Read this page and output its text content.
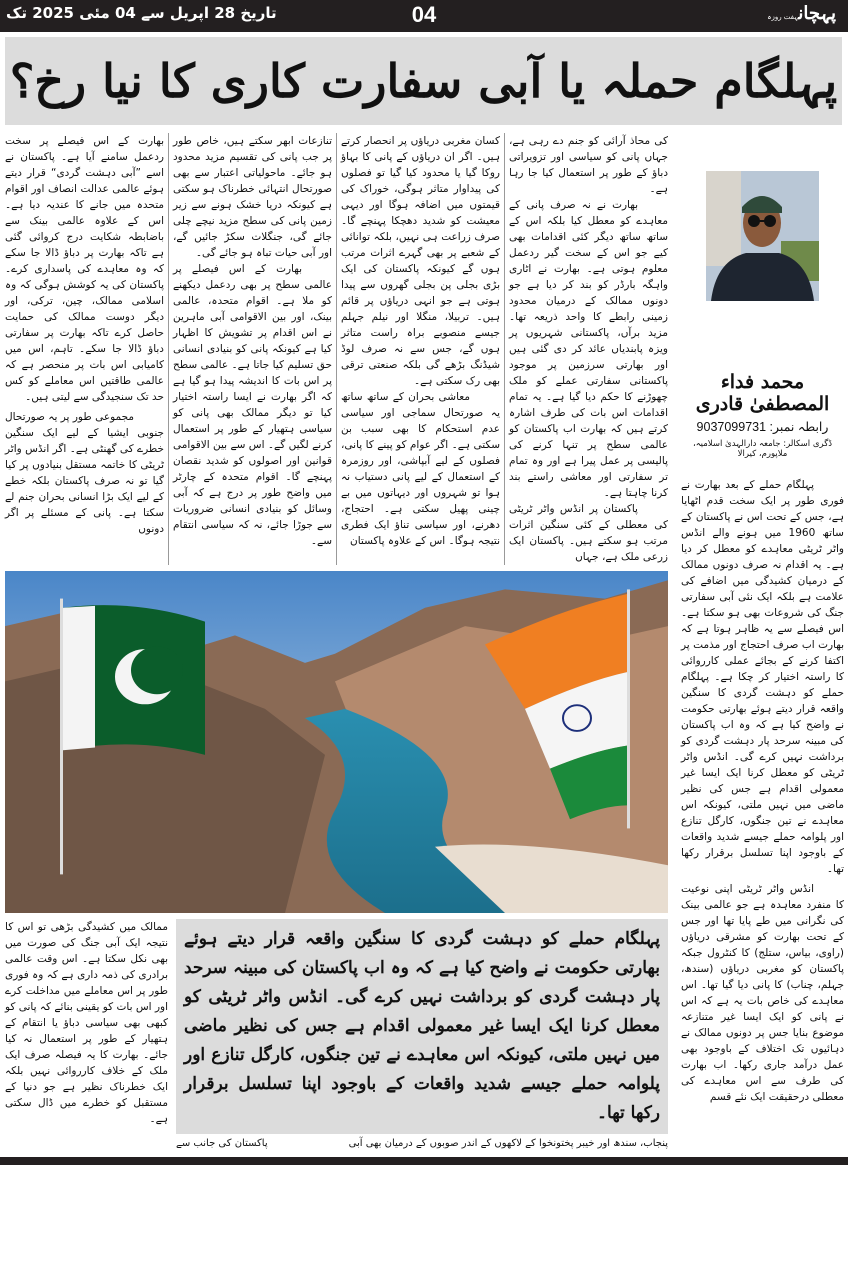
تاریخ 28 اپریل سے 04 مئی 2025 تک	04	پہچانہفت روزہ
پہلگام حملہ یا آبی سفارت کاری کا نیا رخ؟

بھارت کے اس فیصلے پر سخت ردعمل سامنے آیا ہے۔ پاکستان نے اسے ”آبی دہشت گردی“ قرار دیتے ہوئے عالمی عدالت انصاف اور اقوام متحدہ میں جانے کا عندیہ دیا ہے۔ اس کے علاوہ عالمی بینک سے باضابطہ شکایت درج کروائی گئی ہے تاکہ بھارت پر دباؤ ڈالا جا سکے کہ وہ معاہدے کی پاسداری کرے۔ پاکستان کی یہ کوشش ہوگی کہ وہ اسلامی ممالک، چین، ترکی، اور دیگر دوست ممالک کی حمایت حاصل کرے تاکہ بھارت پر سفارتی دباؤ ڈالا جا سکے۔ تاہم، اس میں کامیابی اس بات پر منحصر ہے کہ عالمی طاقتیں اس معاملے کو کس حد تک سنجیدگی سے لیتی ہیں۔

مجموعی طور پر یہ صورتحال جنوبی ایشیا کے لیے ایک سنگین خطرے کی گھنٹی ہے۔ اگر انڈس واٹر ٹریٹی کا خاتمہ مستقل بنیادوں پر کیا گیا تو نہ صرف پاکستان بلکہ خطے کے لیے ایک بڑا انسانی بحران جنم لے سکتا ہے۔ پانی کے مسئلے پر اگر دونوں

تنازعات ابھر سکتے ہیں، خاص طور پر جب پانی کی تقسیم مزید محدود ہو جائے۔ ماحولیاتی اعتبار سے بھی صورتحال انتہائی خطرناک ہو سکتی ہے کیونکہ دریا خشک ہونے سے زیر زمین پانی کی سطح مزید نیچے چلی جائے گی، جنگلات سکڑ جائیں گے، اور آبی حیات تباہ ہو جائے گی۔

بھارت کے اس فیصلے پر عالمی سطح پر بھی ردعمل دیکھنے کو ملا ہے۔ اقوام متحدہ، عالمی بینک، اور بین الاقوامی آبی ماہرین نے اس اقدام پر تشویش کا اظہار کیا ہے کیونکہ پانی کو بنیادی انسانی حق تسلیم کیا جاتا ہے۔ عالمی سطح پر اس بات کا اندیشہ پیدا ہو گیا ہے کہ اگر بھارت نے ایسا راستہ اختیار کیا تو دیگر ممالک بھی پانی کو سیاسی ہتھیار کے طور پر استعمال کرنے لگیں گے۔ اس سے بین الاقوامی قوانین اور اصولوں کو شدید نقصان پہنچے گا۔ اقوام متحدہ کے چارٹر میں واضح طور پر درج ہے کہ آبی وسائل کو بنیادی انسانی ضروریات سے جوڑا جائے، نہ کہ سیاسی انتقام سے۔

کسان مغربی دریاؤں پر انحصار کرتے ہیں۔ اگر ان دریاؤں کے پانی کا بہاؤ روکا گیا یا محدود کیا گیا تو فصلوں کی پیداوار متاثر ہوگی، خوراک کی قیمتوں میں اضافہ ہوگا اور دیہی معیشت کو شدید دھچکا پہنچے گا۔ صرف زراعت ہی نہیں، بلکہ توانائی کے شعبے پر بھی گہرے اثرات مرتب ہوں گے کیونکہ پاکستان کی ایک بڑی بجلی پن بجلی گھروں سے پیدا ہوتی ہے جو انہی دریاؤں پر قائم ہیں۔ تربیلا، منگلا اور نیلم جہلم جیسے منصوبے براہ راست متاثر ہوں گے، جس سے نہ صرف لوڈ شیڈنگ بڑھے گی بلکہ صنعتی ترقی بھی رک سکتی ہے۔

معاشی بحران کے ساتھ ساتھ یہ صورتحال سماجی اور سیاسی عدم استحکام کا بھی سبب بن سکتی ہے۔ اگر عوام کو پینے کا پانی، فصلوں کے لیے آبپاشی، اور روزمرہ کے استعمال کے لیے پانی دستیاب نہ ہوا تو شہروں اور دیہاتوں میں بے چینی پھیل سکتی ہے۔ احتجاج، دھرنے، اور سیاسی تناؤ ایک فطری نتیجہ ہوگا۔ اس کے علاوہ پاکستان

کی محاذ آرائی کو جنم دے رہی ہے، جہاں پانی کو سیاسی اور تزویراتی دباؤ کے طور پر استعمال کیا جا رہا ہے۔

بھارت نے نہ صرف پانی کے معاہدے کو معطل کیا بلکہ اس کے ساتھ ساتھ دیگر کئی اقدامات بھی کیے جو اس کے سخت گیر ردعمل معلوم ہوتی ہے۔ بھارت نے اٹاری واہگہ بارڈر کو بند کر دیا ہے جو دونوں ممالک کے درمیان محدود زمینی رابطے کا واحد ذریعہ تھا۔ مزید برآں، پاکستانی شہریوں پر ویزہ پابندیاں عائد کر دی گئی ہیں اور بھارتی سرزمین پر موجود پاکستانی سفارتی عملے کو ملک چھوڑنے کا حکم دیا گیا ہے۔ یہ تمام اقدامات اس بات کی طرف اشارہ کرتے ہیں کہ بھارت اب پاکستان کو عالمی سطح پر تنہا کرنے کی پالیسی پر عمل پیرا ہے اور وہ تمام تر سفارتی اور معاشی راستے بند کرنا چاہتا ہے۔

پاکستان پر انڈس واٹر ٹریٹی کی معطلی کے کئی سنگین اثرات مرتب ہو سکتے ہیں۔ پاکستان ایک زرعی ملک ہے، جہاں

ممالک میں کشیدگی بڑھی تو اس کا نتیجہ ایک آبی جنگ کی صورت میں بھی نکل سکتا ہے۔ اس وقت عالمی برادری کی ذمہ داری ہے کہ وہ فوری طور پر اس معاملے میں مداخلت کرے اور اس بات کو یقینی بنائے کہ پانی کو کبھی بھی سیاسی دباؤ یا انتقام کے ہتھیار کے طور پر استعمال نہ کیا جائے۔ بھارت کا یہ فیصلہ صرف ایک ملک کے خلاف کارروائی نہیں بلکہ ایک خطرناک نظیر ہے جو دنیا کے مستقبل کو خطرے میں ڈال سکتی ہے۔

پہلگام حملے کو دہشت گردی کا سنگین واقعہ قرار دیتے ہوئے بھارتی حکومت نے واضح کیا ہے کہ وہ اب پاکستان کی مبینہ سرحد پار دہشت گردی کو برداشت نہیں کرے گی۔ انڈس واٹر ٹریٹی کو معطل کرنا ایک ایسا غیر معمولی اقدام ہے جس کی نظیر ماضی میں نہیں ملتی، کیونکہ اس معاہدے نے تین جنگوں، کارگل تنازع اور پلوامہ حملے جیسے شدید واقعات کے باوجود اپنا تسلسل برقرار رکھا تھا۔
پاکستان کی جانب سے	پنجاب، سندھ اور خیبر پختونخوا کے لاکھوں کے اندر صوبوں کے درمیان بھی آبی
محمد فداء المصطفیٰ قادری
رابطہ نمبر: 9037099731
ڈگری اسکالر: جامعہ دارالہدیٰ اسلامیہ، ملاپورم، کیرالا

پہلگام حملے کے بعد بھارت نے فوری طور پر ایک سخت قدم اٹھایا ہے، جس کے تحت اس نے پاکستان کے ساتھ 1960 میں ہونے والے انڈس واٹر ٹریٹی معاہدے کو معطل کر دیا ہے۔ یہ اقدام نہ صرف دونوں ممالک کے درمیان کشیدگی میں اضافے کی علامت ہے بلکہ ایک نئی آبی سفارتی جنگ کی شروعات بھی ہو سکتا ہے۔ اس فیصلے سے یہ ظاہر ہوتا ہے کہ بھارت اب صرف احتجاج اور مذمت پر اکتفا کرنے کے بجائے عملی کارروائی کا راستہ اختیار کر چکا ہے۔ پہلگام حملے کو دہشت گردی کا سنگین واقعہ قرار دیتے ہوئے بھارتی حکومت نے واضح کیا ہے کہ وہ اب پاکستان کی مبینہ سرحد پار دہشت گردی کو برداشت نہیں کرے گی۔ انڈس واٹر ٹریٹی کو معطل کرنا ایک ایسا غیر معمولی اقدام ہے جس کی نظیر ماضی میں نہیں ملتی، کیونکہ اس معاہدے نے تین جنگوں، کارگل تنازع اور پلوامہ حملے جیسے شدید واقعات کے باوجود اپنا تسلسل برقرار رکھا تھا۔

انڈس واٹر ٹریٹی اپنی نوعیت کا منفرد معاہدہ ہے جو عالمی بینک کی نگرانی میں طے پایا تھا اور جس کے تحت بھارت کو مشرقی دریاؤں (راوی، بیاس، ستلج) کا کنٹرول جبکہ پاکستان کو مغربی دریاؤں (سندھ، جہلم، چناب) کا پانی دیا گیا تھا۔ اس معاہدے کی خاص بات یہ ہے کہ اس نے پانی کو ایک ایسا غیر متنازعہ موضوع بنایا جس پر دونوں ممالک نے دہائیوں تک اختلاف کے باوجود بھی عمل درآمد جاری رکھا۔ اب بھارت کی طرف سے اس معاہدے کی معطلی درحقیقت ایک نئے قسم
